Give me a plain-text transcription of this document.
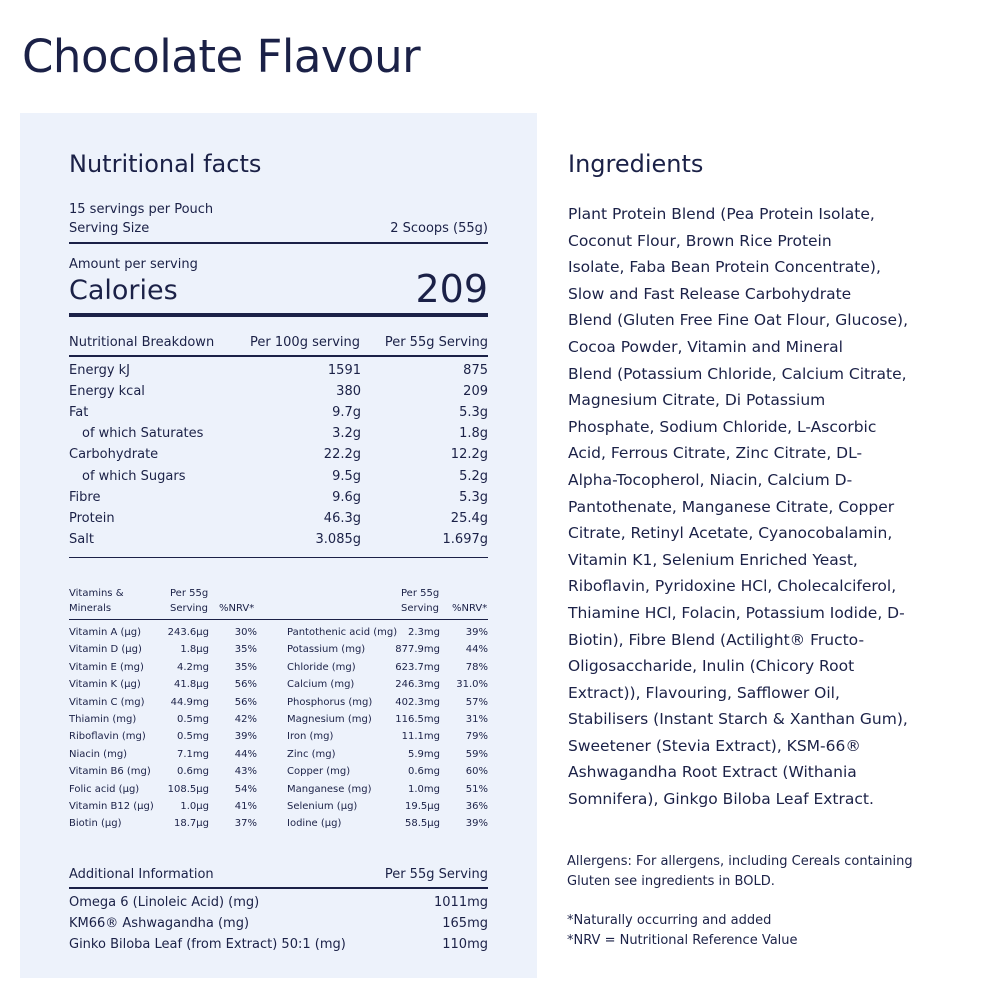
Chocolate Flavour
Nutritional facts
15 servings per Pouch
Serving Size	2 Scoops (55g)
Amount per serving
Calories	209
Nutritional Breakdown	Per 100g serving Per 55g Serving
Energy kJ	1591	875
Energy kcal	380	209
Fat	9.7g	5.3g
of which Saturates	3.2g	1.8g
Carbohydrate	22.2g	12.2g
of which Sugars	9.5g	5.2g
Fibre	9.6g	5.3g
Protein	46.3g	25.4g
Salt	3.085g	1.697g
Vitamins &
Minerals
Per 55g
Serving %NRV*
Per 55g
Serving %NRV*
Vitamin A (µg)	243.6µg	30%	Pantothenic acid (mg) 2.3mg	39%
Vitamin D (µg)	1.8µg	35%	Potassium (mg)	877.9mg	44%
Vitamin E (mg)	4.2mg	35%	Chloride (mg)	623.7mg	78%
Vitamin K (µg)	41.8µg	56%	Calcium (mg)	246.3mg 31.0%
Vitamin C (mg)	44.9mg	56%	Phosphorus (mg) 402.3mg	57%
Thiamin (mg)	0.5mg	42%	Magnesium (mg) 116.5mg	31%
Riboflavin (mg)	0.5mg	39%	Iron (mg)	11.1mg	79%
Niacin (mg)	7.1mg	44%	Zinc (mg)	5.9mg	59%
Vitamin B6 (mg)	0.6mg	43%	Copper (mg)	0.6mg	60%
Folic acid (µg)	108.5µg	54%	Manganese (mg)	1.0mg	51%
Vitamin B12 (µg)	1.0µg	41%	Selenium (µg)	19.5µg	36%
Biotin (µg)	18.7µg	37%	Iodine (µg)	58.5µg	39%
Additional Information	Per 55g Serving
Omega 6 (Linoleic Acid) (mg)	1011mg
KM66® Ashwagandha (mg)	165mg
Ginko Biloba Leaf (from Extract) 50:1 (mg)	110mg
Ingredients
Plant Protein Blend (Pea Protein Isolate,
Coconut Flour, Brown Rice Protein
Isolate, Faba Bean Protein Concentrate),
Slow and Fast Release Carbohydrate
Blend (Gluten Free Fine Oat Flour, Glucose),
Cocoa Powder, Vitamin and Mineral
Blend (Potassium Chloride, Calcium Citrate,
Magnesium Citrate, Di Potassium
Phosphate, Sodium Chloride, L-Ascorbic
Acid, Ferrous Citrate, Zinc Citrate, DL-
Alpha-Tocopherol, Niacin, Calcium D-
Pantothenate, Manganese Citrate, Copper
Citrate, Retinyl Acetate, Cyanocobalamin,
Vitamin K1, Selenium Enriched Yeast,
Riboflavin, Pyridoxine HCl, Cholecalciferol,
Thiamine HCl, Folacin, Potassium Iodide, D-
Biotin), Fibre Blend (Actilight® Fructo-
Oligosaccharide, Inulin (Chicory Root
Extract)), Flavouring, Safflower Oil,
Stabilisers (Instant Starch & Xanthan Gum),
Sweetener (Stevia Extract), KSM-66®
Ashwagandha Root Extract (Withania
Somnifera), Ginkgo Biloba Leaf Extract.
Allergens: For allergens, including Cereals containing
Gluten see ingredients in BOLD.
*Naturally occurring and added
*NRV = Nutritional Reference Value
